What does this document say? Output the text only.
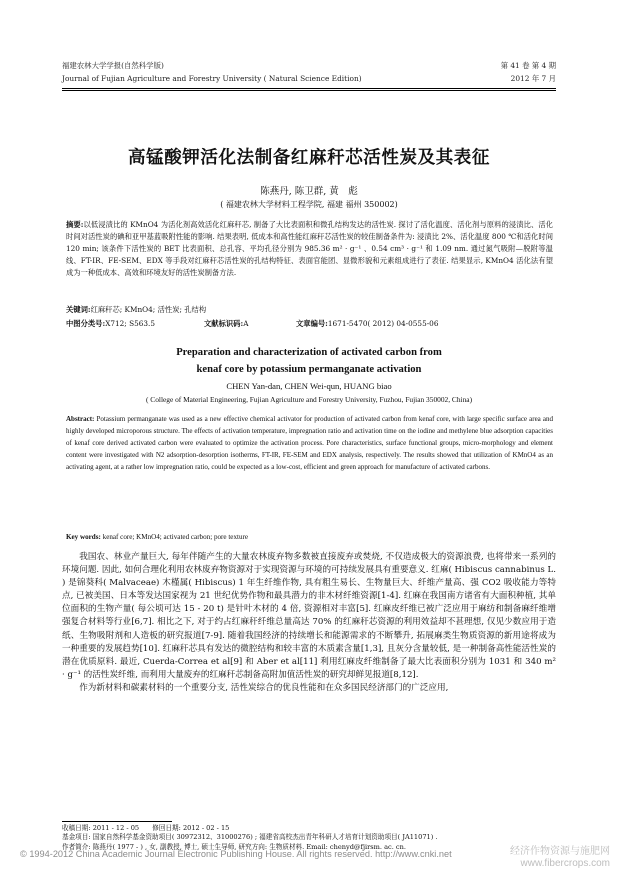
福建农林大学学报(自然科学版)
Journal of Fujian Agriculture and Forestry University ( Natural Science Edition)
第 41 卷 第 4 期
2012 年 7 月
高锰酸钾活化法制备红麻秆芯活性炭及其表征
陈燕丹, 陈卫群, 黄　彪
( 福建农林大学材料工程学院, 福建 福州 350002)
摘要:以低浸渍比的 KMnO4 为活化剂高效活化红麻秆芯, 制备了大比表面积和微孔结构发达的活性炭. 探讨了活化温度、活化剂与原料的浸渍比、活化时间对活性炭的碘和亚甲基蓝吸附性能的影响. 结果表明, 低成本和高性能红麻秆芯活性炭的较佳制备条件为: 浸渍比 2%、活化温度 800 ℃和活化时间 120 min; 该条件下活性炭的 BET 比表面积、总孔容、平均孔径分别为 985.36 m² · g⁻¹ 、0.54 cm³ · g⁻¹ 和 1.09 nm. 通过氮气吸附—脱附等温线、FT-IR、FE-SEM、EDX 等手段对红麻秆芯活性炭的孔结构特征、表面官能团、显微形貌和元素组成进行了表征. 结果显示, KMnO4 活化法有望成为一种低成本、高效和环境友好的活性炭制备方法.
关键词:红麻秆芯; KMnO4; 活性炭; 孔结构
中图分类号:X712; S563.5	文献标识码:A	文章编号:1671-5470( 2012) 04-0555-06
Preparation and characterization of activated carbon from
kenaf core by potassium permanganate activation
CHEN Yan-dan, CHEN Wei-qun, HUANG biao
( College of Material Engineering, Fujian Agriculture and Forestry University, Fuzhou, Fujian 350002, China)
Abstract: Potassium permanganate was used as a new effective chemical activator for production of activated carbon from kenaf core, with large specific surface area and highly developed microporous structure. The effects of activation temperature, impregnation ratio and activation time on the iodine and methylene blue adsorption capacities of kenaf core derived activated carbon were evaluated to optimize the activation process. Pore characteristics, surface functional groups, micro-morphology and element content were investigated with N2 adsorption-desorption isotherms, FT-IR, FE-SEM and EDX analysis, respectively. The results showed that utilization of KMnO4 as an activating agent, at a rather low impregnation ratio, could be expected as a low-cost, efficient and green approach for manufacture of activated carbons.
Key words: kenaf core; KMnO4; activated carbon; pore texture

我国农、林业产量巨大, 每年伴随产生的大量农林废弃物多数被直接废弃或焚烧, 不仅造成极大的资源浪费, 也将带来一系列的环境问题. 因此, 如何合理化利用农林废弃物资源对于实现资源与环境的可持续发展具有重要意义. 红麻( Hibiscus cannabinus L. ) 是锦葵科( Malvaceae) 木槿属( Hibiscus) 1 年生纤维作物, 具有粗生易长、生物量巨大、纤维产量高、强 CO2 吸收能力等特点, 已被美国、日本等发达国家视为 21 世纪优势作物和最具潜力的非木材纤维资源[1-4]. 红麻在我国南方诸省有大面积种植, 其单位面积的生物产量( 每公顷可达 15 - 20 t) 是针叶木材的 4 倍, 资源相对丰富[5]. 红麻皮纤维已被广泛应用于麻纺和制备麻纤维增强复合材料等行业[6,7]. 相比之下, 对于约占红麻秆纤维总量高达 70% 的红麻秆芯资源的利用效益却不甚理想, 仅见少数应用于造纸、生物吸附剂和人造板的研究报道[7-9]. 随着我国经济的持续增长和能源需求的不断攀升, 拓展麻类生物质资源的新用途将成为一种重要的发展趋势[10]. 红麻秆芯具有发达的微腔结构和较丰富的木质素含量[1,3], 且灰分含量较低, 是一种制备高性能活性炭的潜在优质原料. 最近, Cuerda-Correa et al[9] 和 Aber et al[11] 利用红麻皮纤维制备了最大比表面积分别为 1031 和 340 m² · g⁻¹ 的活性炭纤维, 而利用大量废弃的红麻秆芯制备高附加值活性炭的研究却鲜见报道[8,12].

作为新材料和碳素材料的一个重要分支, 活性炭综合的优良性能和在众多国民经济部门的广泛应用,

收稿日期: 2011 - 12 - 05　　修回日期: 2012 - 02 - 15
基金项目: 国家自然科学基金资助项目( 30972312、31000276) ; 福建省高校杰出青年科研人才培育计划资助项目( JA11071) .
作者简介: 陈燕丹( 1977 - ) , 女, 副教授, 博士, 硕士生导师, 研究方向: 生物质材料. Email: chenyd@fjirsm. ac. cn.
© 1994-2012 China Academic Journal Electronic Publishing House. All rights reserved. http://www.cnki.net	经济作物资源与施肥网
www.fibercrops.com
